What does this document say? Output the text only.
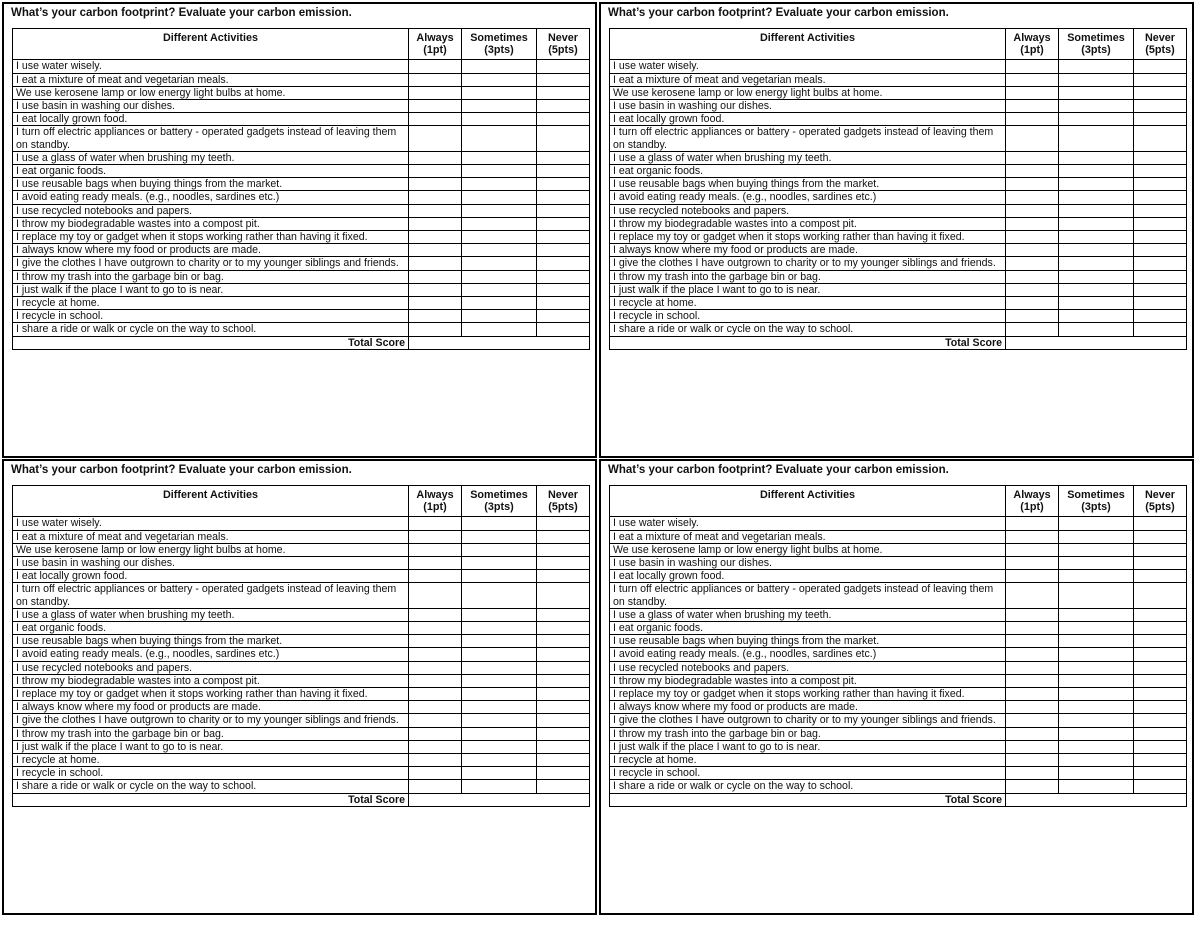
What’s your carbon footprint? Evaluate your carbon emission.
Different Activities	Always (1pt)	Sometimes (3pts)	Never (5pts)
I use water wisely.			
I eat a mixture of meat and vegetarian meals.			
We use kerosene lamp or low energy light bulbs at home.			
I use basin in washing our dishes.			
I eat locally grown food.			
I turn off electric appliances or battery - operated gadgets instead of leaving them on standby.			
I use a glass of water when brushing my teeth.			
I eat organic foods.			
I use reusable bags when buying things from the market.			
I avoid eating ready meals. (e.g., noodles, sardines etc.)			
I use recycled notebooks and papers.			
I throw my biodegradable wastes into a compost pit.			
I replace my toy or gadget when it stops working rather than having it fixed.			
I always know where my food or products are made.			
I give the clothes I have outgrown to charity or to my younger siblings and friends.			
I throw my trash into the garbage bin or bag.			
I just walk if the place I want to go to is near.			
I recycle at home.			
I recycle in school.			
I share a ride or walk or cycle on the way to school.			
Total Score			
What’s your carbon footprint? Evaluate your carbon emission.
Different Activities	Always (1pt)	Sometimes (3pts)	Never (5pts)
I use water wisely.			
I eat a mixture of meat and vegetarian meals.			
We use kerosene lamp or low energy light bulbs at home.			
I use basin in washing our dishes.			
I eat locally grown food.			
I turn off electric appliances or battery - operated gadgets instead of leaving them on standby.			
I use a glass of water when brushing my teeth.			
I eat organic foods.			
I use reusable bags when buying things from the market.			
I avoid eating ready meals. (e.g., noodles, sardines etc.)			
I use recycled notebooks and papers.			
I throw my biodegradable wastes into a compost pit.			
I replace my toy or gadget when it stops working rather than having it fixed.			
I always know where my food or products are made.			
I give the clothes I have outgrown to charity or to my younger siblings and friends.			
I throw my trash into the garbage bin or bag.			
I just walk if the place I want to go to is near.			
I recycle at home.			
I recycle in school.			
I share a ride or walk or cycle on the way to school.			
Total Score			
What’s your carbon footprint? Evaluate your carbon emission.
Different Activities	Always (1pt)	Sometimes (3pts)	Never (5pts)
I use water wisely.			
I eat a mixture of meat and vegetarian meals.			
We use kerosene lamp or low energy light bulbs at home.			
I use basin in washing our dishes.			
I eat locally grown food.			
I turn off electric appliances or battery - operated gadgets instead of leaving them on standby.			
I use a glass of water when brushing my teeth.			
I eat organic foods.			
I use reusable bags when buying things from the market.			
I avoid eating ready meals. (e.g., noodles, sardines etc.)			
I use recycled notebooks and papers.			
I throw my biodegradable wastes into a compost pit.			
I replace my toy or gadget when it stops working rather than having it fixed.			
I always know where my food or products are made.			
I give the clothes I have outgrown to charity or to my younger siblings and friends.			
I throw my trash into the garbage bin or bag.			
I just walk if the place I want to go to is near.			
I recycle at home.			
I recycle in school.			
I share a ride or walk or cycle on the way to school.			
Total Score			
What’s your carbon footprint? Evaluate your carbon emission.
Different Activities	Always (1pt)	Sometimes (3pts)	Never (5pts)
I use water wisely.			
I eat a mixture of meat and vegetarian meals.			
We use kerosene lamp or low energy light bulbs at home.			
I use basin in washing our dishes.			
I eat locally grown food.			
I turn off electric appliances or battery - operated gadgets instead of leaving them on standby.			
I use a glass of water when brushing my teeth.			
I eat organic foods.			
I use reusable bags when buying things from the market.			
I avoid eating ready meals. (e.g., noodles, sardines etc.)			
I use recycled notebooks and papers.			
I throw my biodegradable wastes into a compost pit.			
I replace my toy or gadget when it stops working rather than having it fixed.			
I always know where my food or products are made.			
I give the clothes I have outgrown to charity or to my younger siblings and friends.			
I throw my trash into the garbage bin or bag.			
I just walk if the place I want to go to is near.			
I recycle at home.			
I recycle in school.			
I share a ride or walk or cycle on the way to school.			
Total Score			
